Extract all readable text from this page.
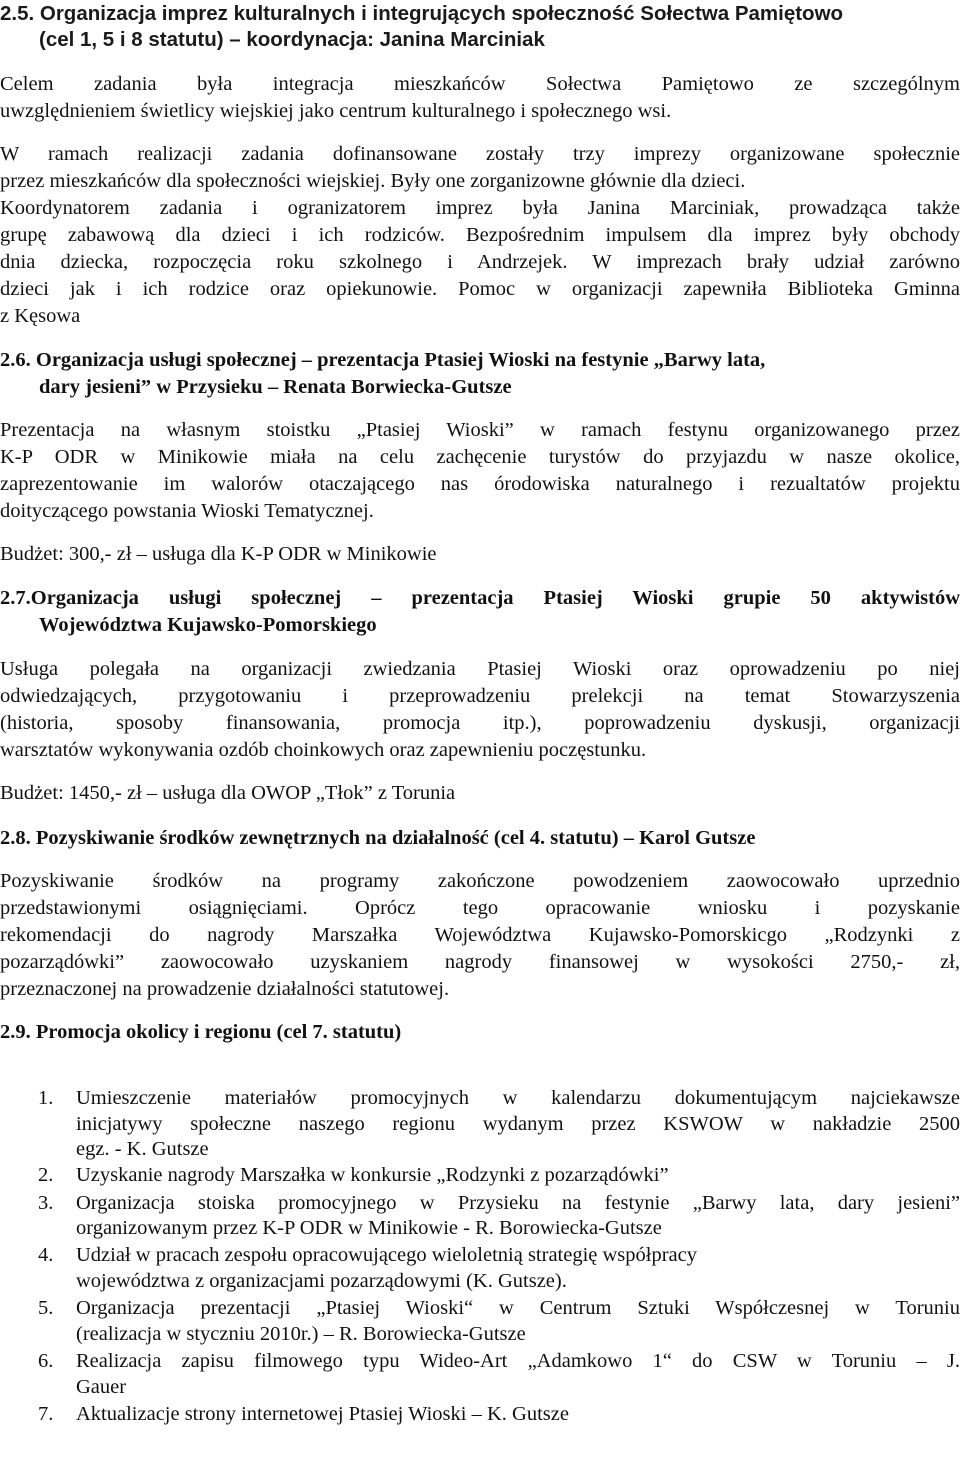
2.5. Organizacja imprez kulturalnych i integrujących społeczność Sołectwa Pamiętowo
(cel 1, 5 i 8 statutu) – koordynacja: Janina Marciniak
Celem zadania była integracja mieszkańców Sołectwa Pamiętowo ze szczególnym
uwzględnieniem świetlicy wiejskiej jako centrum kulturalnego i społecznego wsi.
W ramach realizacji zadania dofinansowane zostały trzy imprezy organizowane społecznie
przez mieszkańców dla społeczności wiejskiej. Były one zorganizowne głównie dla dzieci.
Koordynatorem zadania i ogranizatorem imprez była Janina Marciniak, prowadząca także
grupę zabawową dla dzieci i ich rodziców. Bezpośrednim impulsem dla imprez były obchody
dnia dziecka, rozpoczęcia roku szkolnego i Andrzejek. W imprezach brały udział zarówno
dzieci jak i ich rodzice oraz opiekunowie. Pomoc w organizacji zapewniła Biblioteka Gminna
z Kęsowa
2.6. Organizacja usługi społecznej – prezentacja Ptasiej Wioski na festynie „Barwy lata,
dary jesieni” w Przysieku – Renata Borwiecka-Gutsze
Prezentacja na własnym stoistku „Ptasiej Wioski” w ramach festynu organizowanego przez
K-P ODR w Minikowie miała na celu zachęcenie turystów do przyjazdu w nasze okolice,
zaprezentowanie im walorów otaczającego nas órodowiska naturalnego i rezualtatów projektu
doityczącego powstania Wioski Tematycznej.
Budżet: 300,- zł – usługa dla K-P ODR w Minikowie
2.7.Organizacja usługi społecznej – prezentacja Ptasiej Wioski grupie 50 aktywistów
Województwa Kujawsko-Pomorskiego
Usługa polegała na organizacji zwiedzania Ptasiej Wioski oraz oprowadzeniu po niej
odwiedzających, przygotowaniu i przeprowadzeniu prelekcji na temat Stowarzyszenia
(historia, sposoby finansowania, promocja itp.), poprowadzeniu dyskusji, organizacji
warsztatów wykonywania ozdób choinkowych oraz zapewnieniu poczęstunku.
Budżet: 1450,- zł – usługa dla OWOP „Tłok” z Torunia
2.8. Pozyskiwanie środków zewnętrznych na działalność (cel 4. statutu) – Karol Gutsze
Pozyskiwanie środków na programy zakończone powodzeniem zaowocowało uprzednio
przedstawionymi osiągnięciami. Oprócz tego opracowanie wniosku i pozyskanie
rekomendacji do nagrody Marszałka Województwa Kujawsko-Pomorskicgo „Rodzynki z
pozarządówki” zaowocowało uzyskaniem nagrody finansowej w wysokości 2750,- zł,
przeznaczonej na prowadzenie działalności statutowej.
2.9. Promocja okolicy i regionu (cel 7. statutu)
1. Umieszczenie materiałów promocyjnych w kalendarzu dokumentującym najciekawsze
inicjatywy społeczne naszego regionu wydanym przez KSWOW w nakładzie 2500
egz. - K. Gutsze
2. Uzyskanie nagrody Marszałka w konkursie „Rodzynki z pozarządówki”
3. Organizacja stoiska promocyjnego w Przysieku na festynie „Barwy lata, dary jesieni”
organizowanym przez K-P ODR w Minikowie - R. Borowiecka-Gutsze
4. Udział w pracach zespołu opracowującego wieloletnią strategię współpracy
województwa z organizacjami pozarządowymi (K. Gutsze).
5. Organizacja prezentacji „Ptasiej Wioski“ w Centrum Sztuki Współczesnej w Toruniu
(realizacja w styczniu 2010r.) – R. Borowiecka-Gutsze
6. Realizacja zapisu filmowego typu Wideo-Art „Adamkowo 1“ do CSW w Toruniu – J.
Gauer
7. Aktualizacje strony internetowej Ptasiej Wioski – K. Gutsze
